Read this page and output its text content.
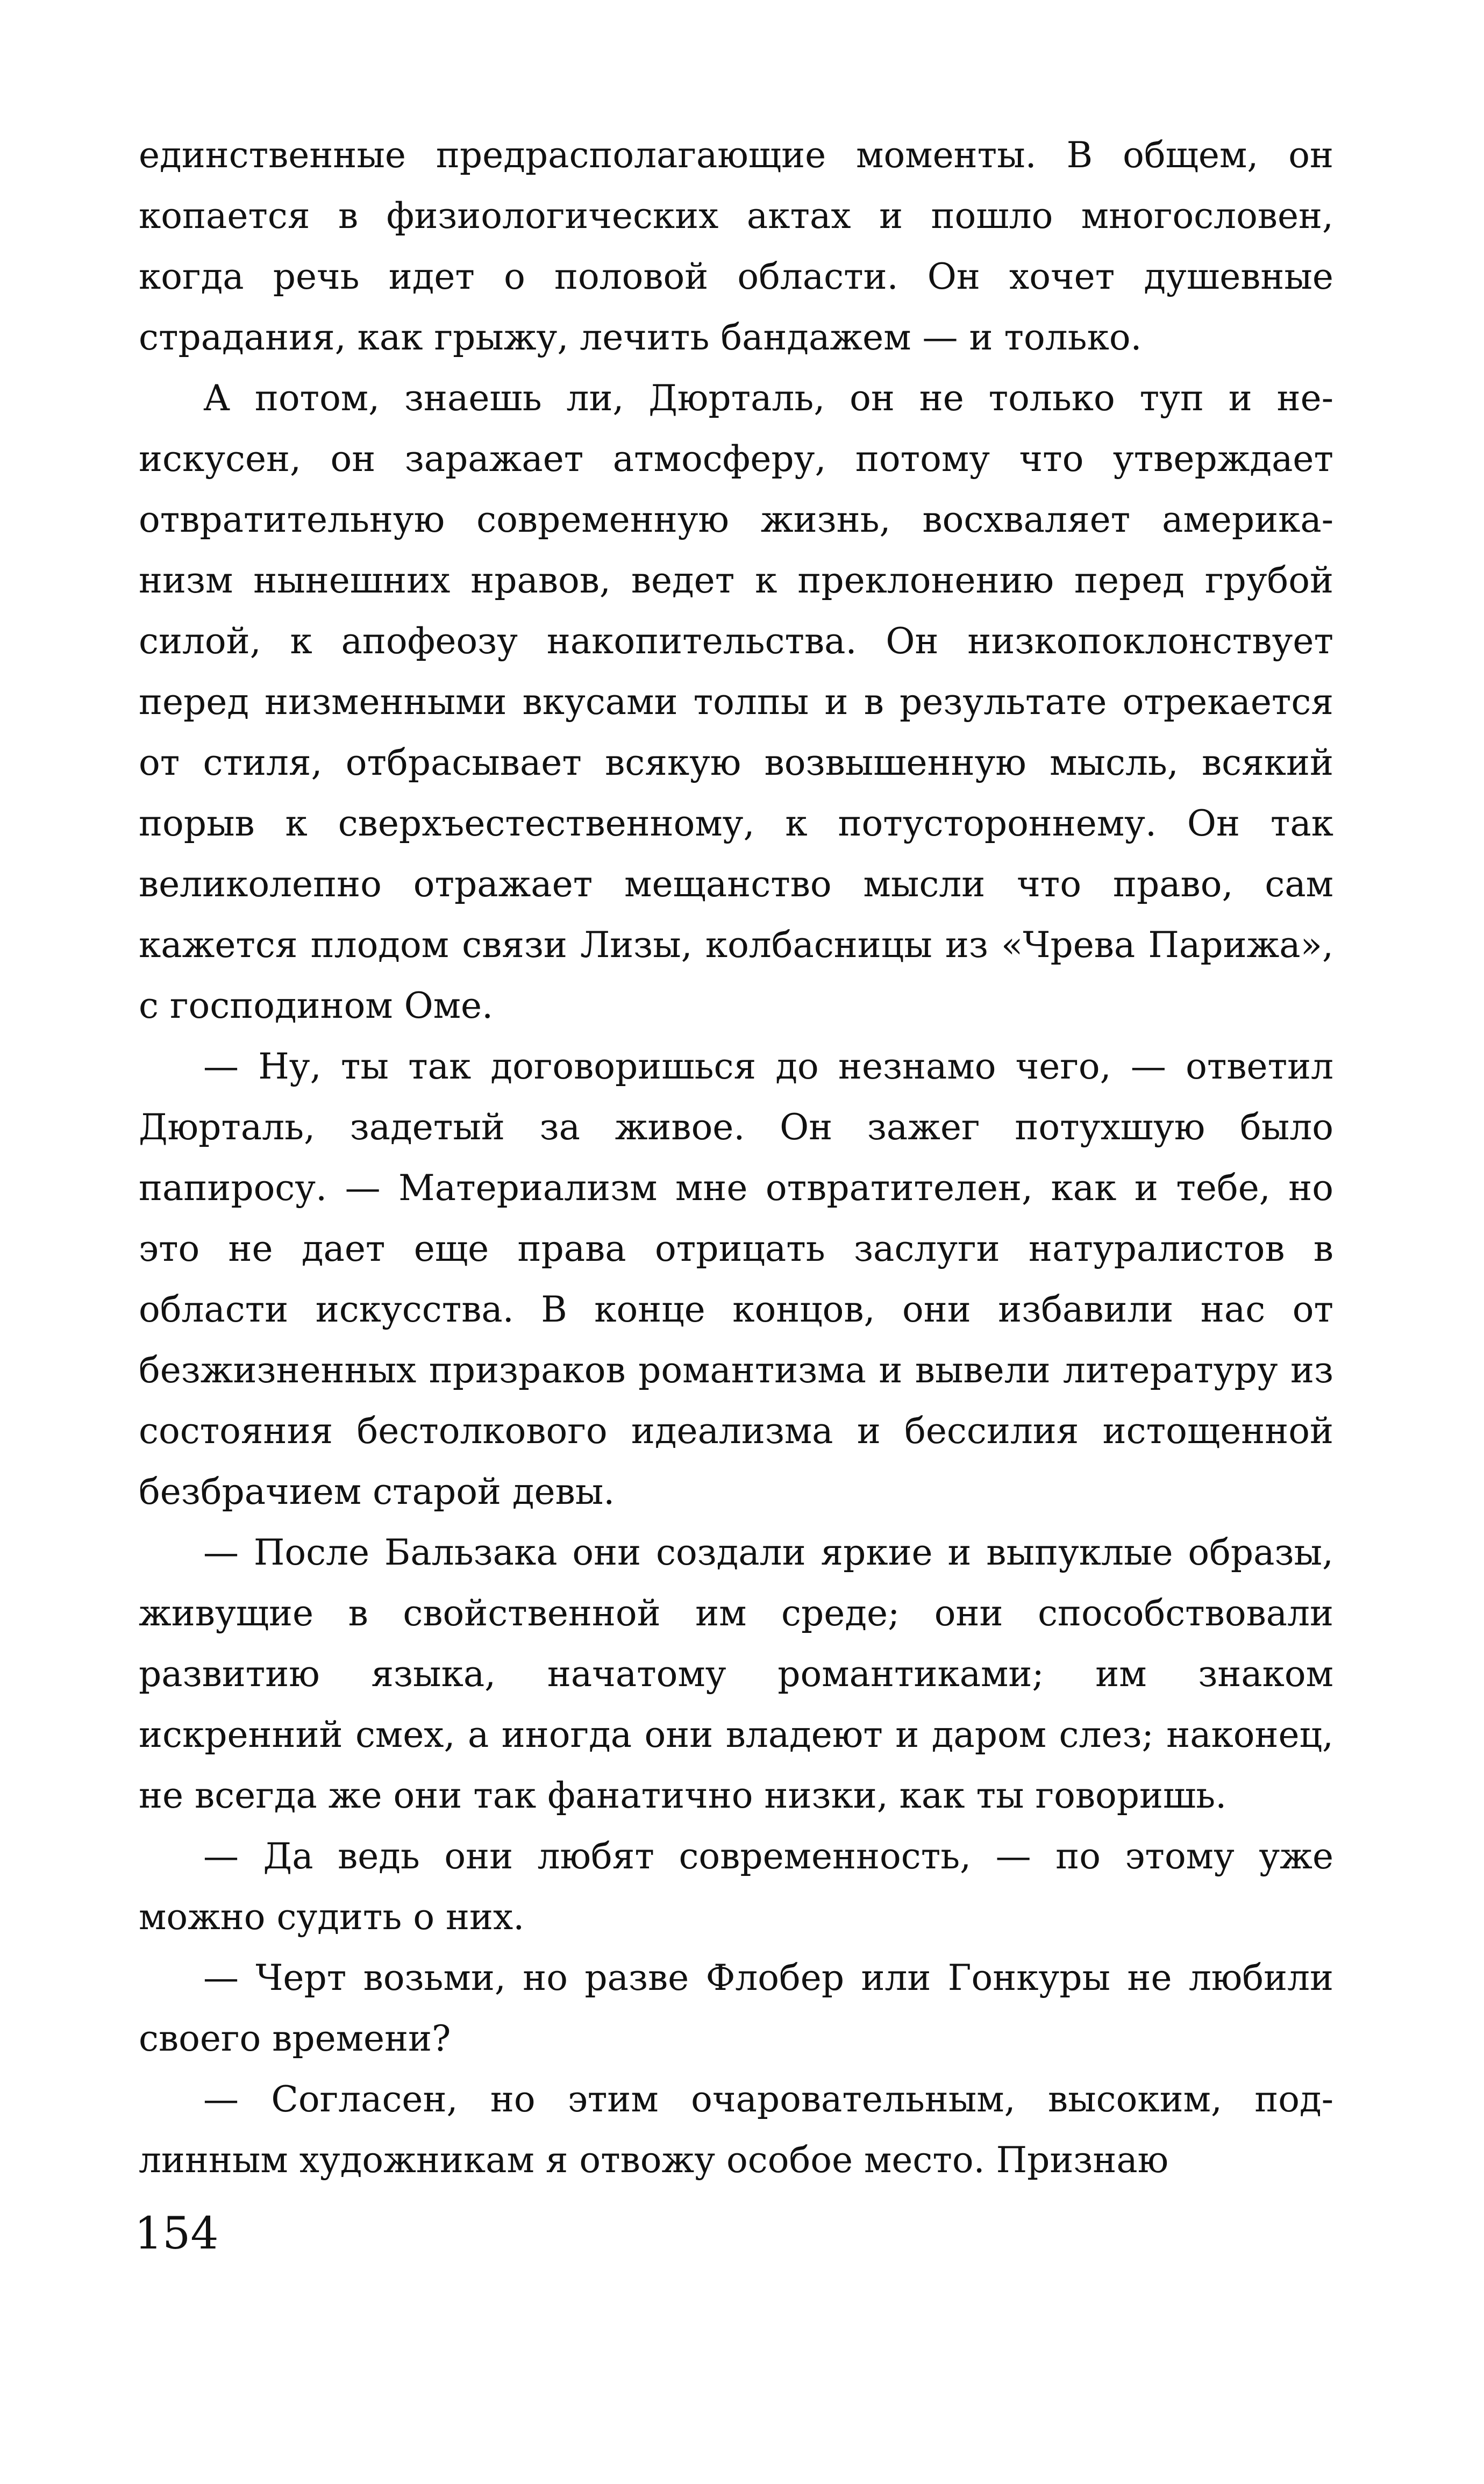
единственные предрасполагающие моменты. В общем, он копается в физиологических актах и пошло многословен, когда речь идет о половой области. Он хочет душевные страдания, как грыжу, лечить бандажем — и только.

А потом, знаешь ли, Дюрталь, он не только туп и неискусен, он заражает атмосферу, потому что утверждает отвратительную современную жизнь, восхваляет американизм нынешних нравов, ведет к преклонению перед грубой силой, к апофеозу накопительства. Он низкопоклонствует перед низменными вкусами толпы и в результате отрекается от стиля, отбрасывает всякую возвышенную мысль, всякий порыв к сверхъестественному, к потустороннему. Он так великолепно отражает мещанство мысли что право, сам кажется плодом связи Лизы, колбасницы из «Чрева Парижа», с господином Оме.

— Ну, ты так договоришься до незнамо чего, — ответил Дюрталь, задетый за живое. Он зажег потухшую было папиросу. — Материализм мне отвратителен, как и тебе, но это не дает еще права отрицать заслуги натуралистов в области искусства. В конце концов, они избавили нас от безжизненных призраков романтизма и вывели литературу из состояния бестолкового идеализма и бессилия истощенной безбрачием старой девы.

— После Бальзака они создали яркие и выпуклые образы, живущие в свойственной им среде; они способствовали развитию языка, начатому романтиками; им знаком искренний смех, а иногда они владеют и даром слез; наконец, не всегда же они так фанатично низки, как ты говоришь.

— Да ведь они любят современность, — по этому уже можно судить о них.

— Черт возьми, но разве Флобер или Гонкуры не любили своего времени?

— Согласен, но этим очаровательным, высоким, подлинным художникам я отвожу особое место. Признаю

154
